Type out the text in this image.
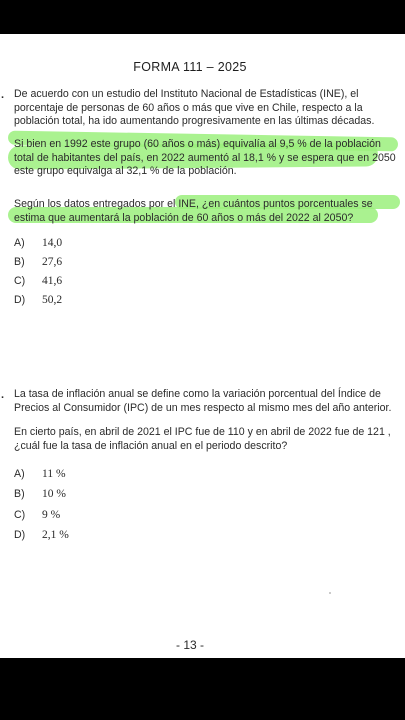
FORMA 111 – 2025
. De acuerdo con un estudio del Instituto Nacional de Estadísticas (INE), el
porcentaje de personas de 60 años o más que vive en Chile, respecto a la
población total, ha ido aumentando progresivamente en las últimas décadas.
Si bien en 1992 este grupo (60 años o más) equivalía al 9,5 % de la población
total de habitantes del país, en 2022 aumentó al 18,1 % y se espera que en 2050
este grupo equivalga al 32,1 % de la población.
Según los datos entregados por el INE, ¿en cuántos puntos porcentuales se
estima que aumentará la población de 60 años o más del 2022 al 2050?
A) 14,0
B) 27,6
C) 41,6
D) 50,2
. La tasa de inflación anual se define como la variación porcentual del Índice de
Precios al Consumidor (IPC) de un mes respecto al mismo mes del año anterior.
En cierto país, en abril de 2021 el IPC fue de 110 y en abril de 2022 fue de 121 ,
¿cuál fue la tasa de inflación anual en el periodo descrito?
A) 11 %
B) 10 %
C) 9 %
D) 2,1 %
- 13 -
